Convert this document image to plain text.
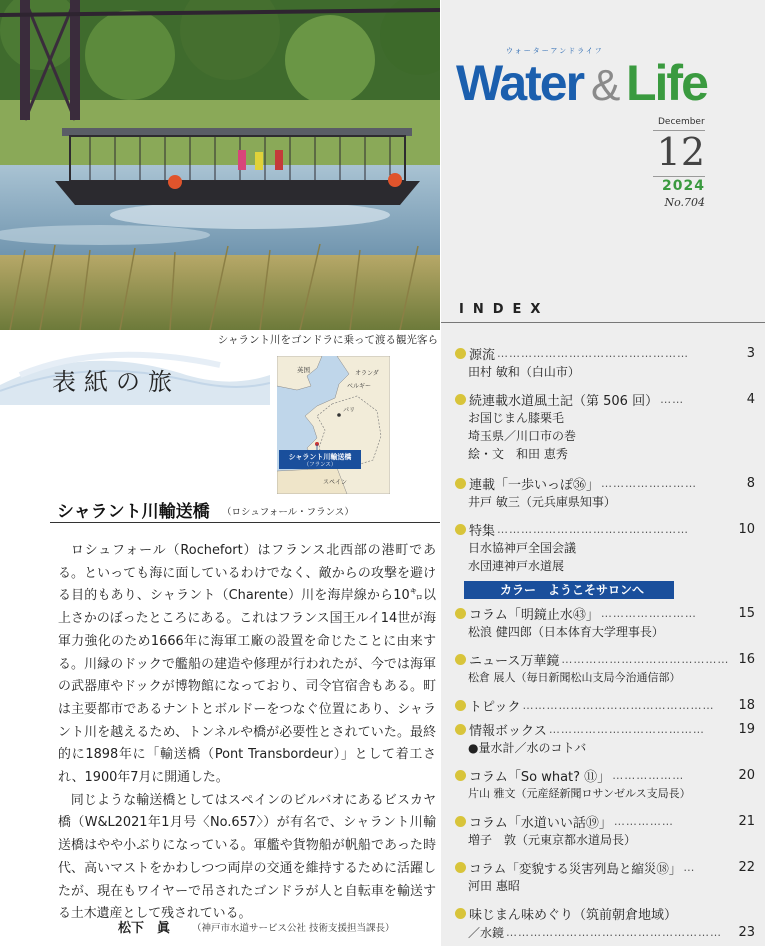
シャラント川をゴンドラに乗って渡る観光客ら
ウォーターアンドライフ
Water & Life
December
12
2024
No.704
INDEX
源流 …………………………………………	3
田村 敏和（白山市）
続連載水道風土記（第 506 回） ……	4
お国じまん膝栗毛
埼玉県／川口市の巻
絵・文　和田 恵秀
連載「一歩いっぽ㊱」 ……………………	8
井戸 敏三（元兵庫県知事）
特集 …………………………………………	10
日水協神戸全国会議
水団連神戸水道展
カラー　ようこそサロンへ
コラム「明鏡止水㊸」 ……………………	15
松浪 健四郎（日本体育大学理事長）
ニュース万華鏡 …………………………………… 16
松倉 展人（毎日新聞松山支局今治通信部）
トピック …………………………………………	18
情報ボックス …………………………………	19
●量水計／水のコトバ
コラム「So what? ⑪」 ………………	20
片山 雅文（元産経新聞ロサンゼルス支局長）
コラム「水道いい話⑲」 ……………	21
増子　敦（元東京都水道局長）
コラム「変貌する災害列島と縮災⑱」 …	22
河田 惠昭
味じまん味めぐり（筑前朝倉地域）
／水鏡 ………………………………………………	23
表紙の旅	英国	オランダ
ベルギー
パリ
スペイン
シャラント川輸送橋
（フランス）
シャラント川輸送橋 （ロシュフォール・フランス）

ロシュフォール（Rochefort）はフランス北西部の港町である。といっても海に面しているわけでなく、敵からの攻撃を避ける目的もあり、シャラント（Charente）川を海岸線から10㌔以上さかのぼったところにある。これはフランス国王ルイ14世が海軍力強化のため1666年に海軍工廠の設置を命じたことに由来する。川縁のドックで艦船の建造や修理が行われたが、今では海軍の武器庫やドックが博物館になっており、司令官宿舎もある。町は主要都市であるナントとボルドーをつなぐ位置にあり、シャラント川を越えるため、トンネルや橋が必要性とされていた。最終的に1898年に「輸送橋（Pont Transbordeur）」として着工され、1900年7月に開通した。

同じような輸送橋としてはスペインのビルバオにあるビスカヤ橋（W&L2021年1月号〈No.657〉）が有名で、シャラント川輸送橋はやや小ぶりになっている。軍艦や貨物船が帆船であった時代、高いマストをかわしつつ両岸の交通を維持するために活躍したが、現在もワイヤーで吊されたゴンドラが人と自転車を輸送する土木遺産として残されている。

松下　眞 （神戸市水道サービス公社 技術支援担当課長）
